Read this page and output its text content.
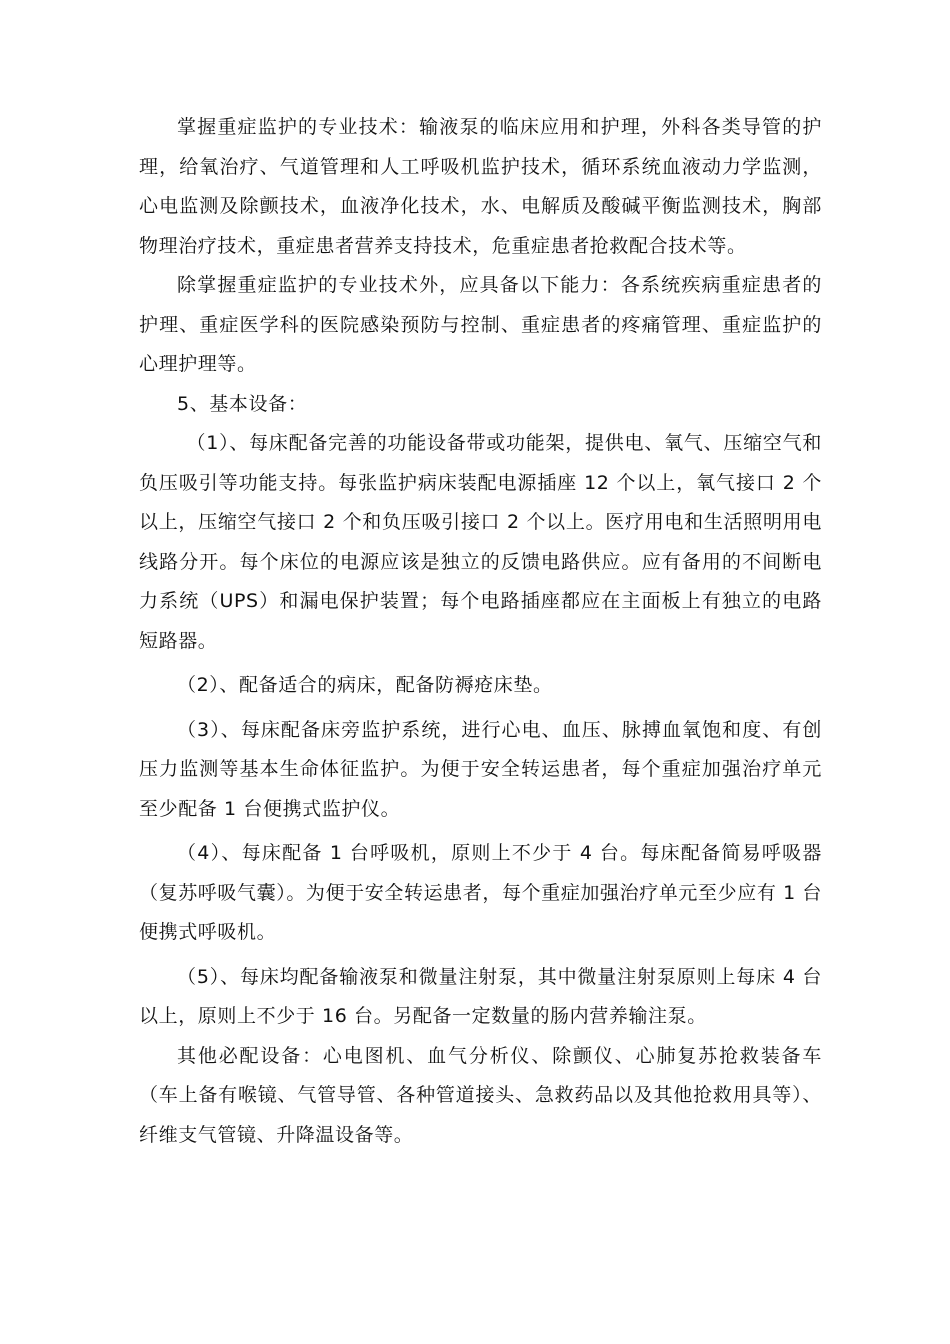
掌握重症监护的专业技术：输液泵的临床应用和护理，外科各类导管的护理，给氧治疗、气道管理和人工呼吸机监护技术，循环系统血液动力学监测，心电监测及除颤技术，血液净化技术，水、电解质及酸碱平衡监测技术，胸部物理治疗技术，重症患者营养支持技术，危重症患者抢救配合技术等。

除掌握重症监护的专业技术外，应具备以下能力：各系统疾病重症患者的护理、重症医学科的医院感染预防与控制、重症患者的疼痛管理、重症监护的心理护理等。

5、基本设备：

（1）、每床配备完善的功能设备带或功能架，提供电、氧气、压缩空气和负压吸引等功能支持。每张监护病床装配电源插座 12 个以上，氧气接口 2 个以上，压缩空气接口 2 个和负压吸引接口 2 个以上。医疗用电和生活照明用电线路分开。每个床位的电源应该是独立的反馈电路供应。应有备用的不间断电力系统（UPS）和漏电保护装置；每个电路插座都应在主面板上有独立的电路短路器。

（2）、配备适合的病床，配备防褥疮床垫。

（3）、每床配备床旁监护系统，进行心电、血压、脉搏血氧饱和度、有创压力监测等基本生命体征监护。为便于安全转运患者，每个重症加强治疗单元至少配备 1 台便携式监护仪。

（4）、每床配备 1 台呼吸机，原则上不少于 4 台。每床配备简易呼吸器（复苏呼吸气囊）。为便于安全转运患者，每个重症加强治疗单元至少应有 1 台便携式呼吸机。

（5）、每床均配备输液泵和微量注射泵，其中微量注射泵原则上每床 4 台以上，原则上不少于 16 台。另配备一定数量的肠内营养输注泵。

其他必配设备：心电图机、血气分析仪、除颤仪、心肺复苏抢救装备车（车上备有喉镜、气管导管、各种管道接头、急救药品以及其他抢救用具等）、纤维支气管镜、升降温设备等。
